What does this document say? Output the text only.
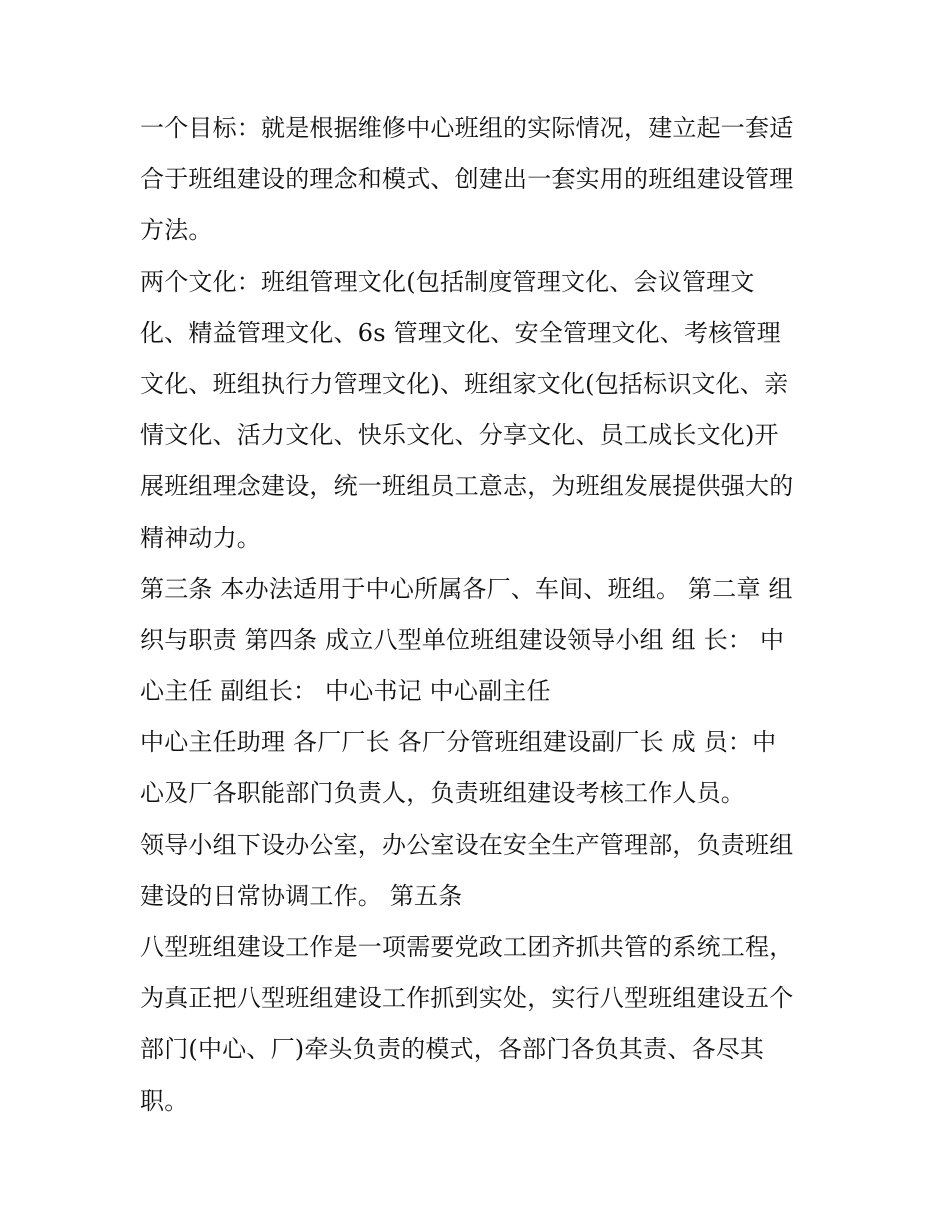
一个目标：就是根据维修中心班组的实际情况，建立起一套适
合于班组建设的理念和模式、创建出一套实用的班组建设管理
方法。
两个文化：班组管理文化(包括制度管理文化、会议管理文
化、精益管理文化、6s 管理文化、安全管理文化、考核管理
文化、班组执行力管理文化)、班组家文化(包括标识文化、亲
情文化、活力文化、快乐文化、分享文化、员工成长文化)开
展班组理念建设，统一班组员工意志，为班组发展提供强大的
精神动力。
第三条 本办法适用于中心所属各厂、车间、班组。 第二章 组
织与职责 第四条 成立八型单位班组建设领导小组 组 长： 中
心主任 副组长： 中心书记 中心副主任
中心主任助理 各厂厂长 各厂分管班组建设副厂长 成 员：中
心及厂各职能部门负责人，负责班组建设考核工作人员。
领导小组下设办公室，办公室设在安全生产管理部，负责班组
建设的日常协调工作。 第五条
八型班组建设工作是一项需要党政工团齐抓共管的系统工程，
为真正把八型班组建设工作抓到实处，实行八型班组建设五个
部门(中心、厂)牵头负责的模式，各部门各负其责、各尽其
职。
